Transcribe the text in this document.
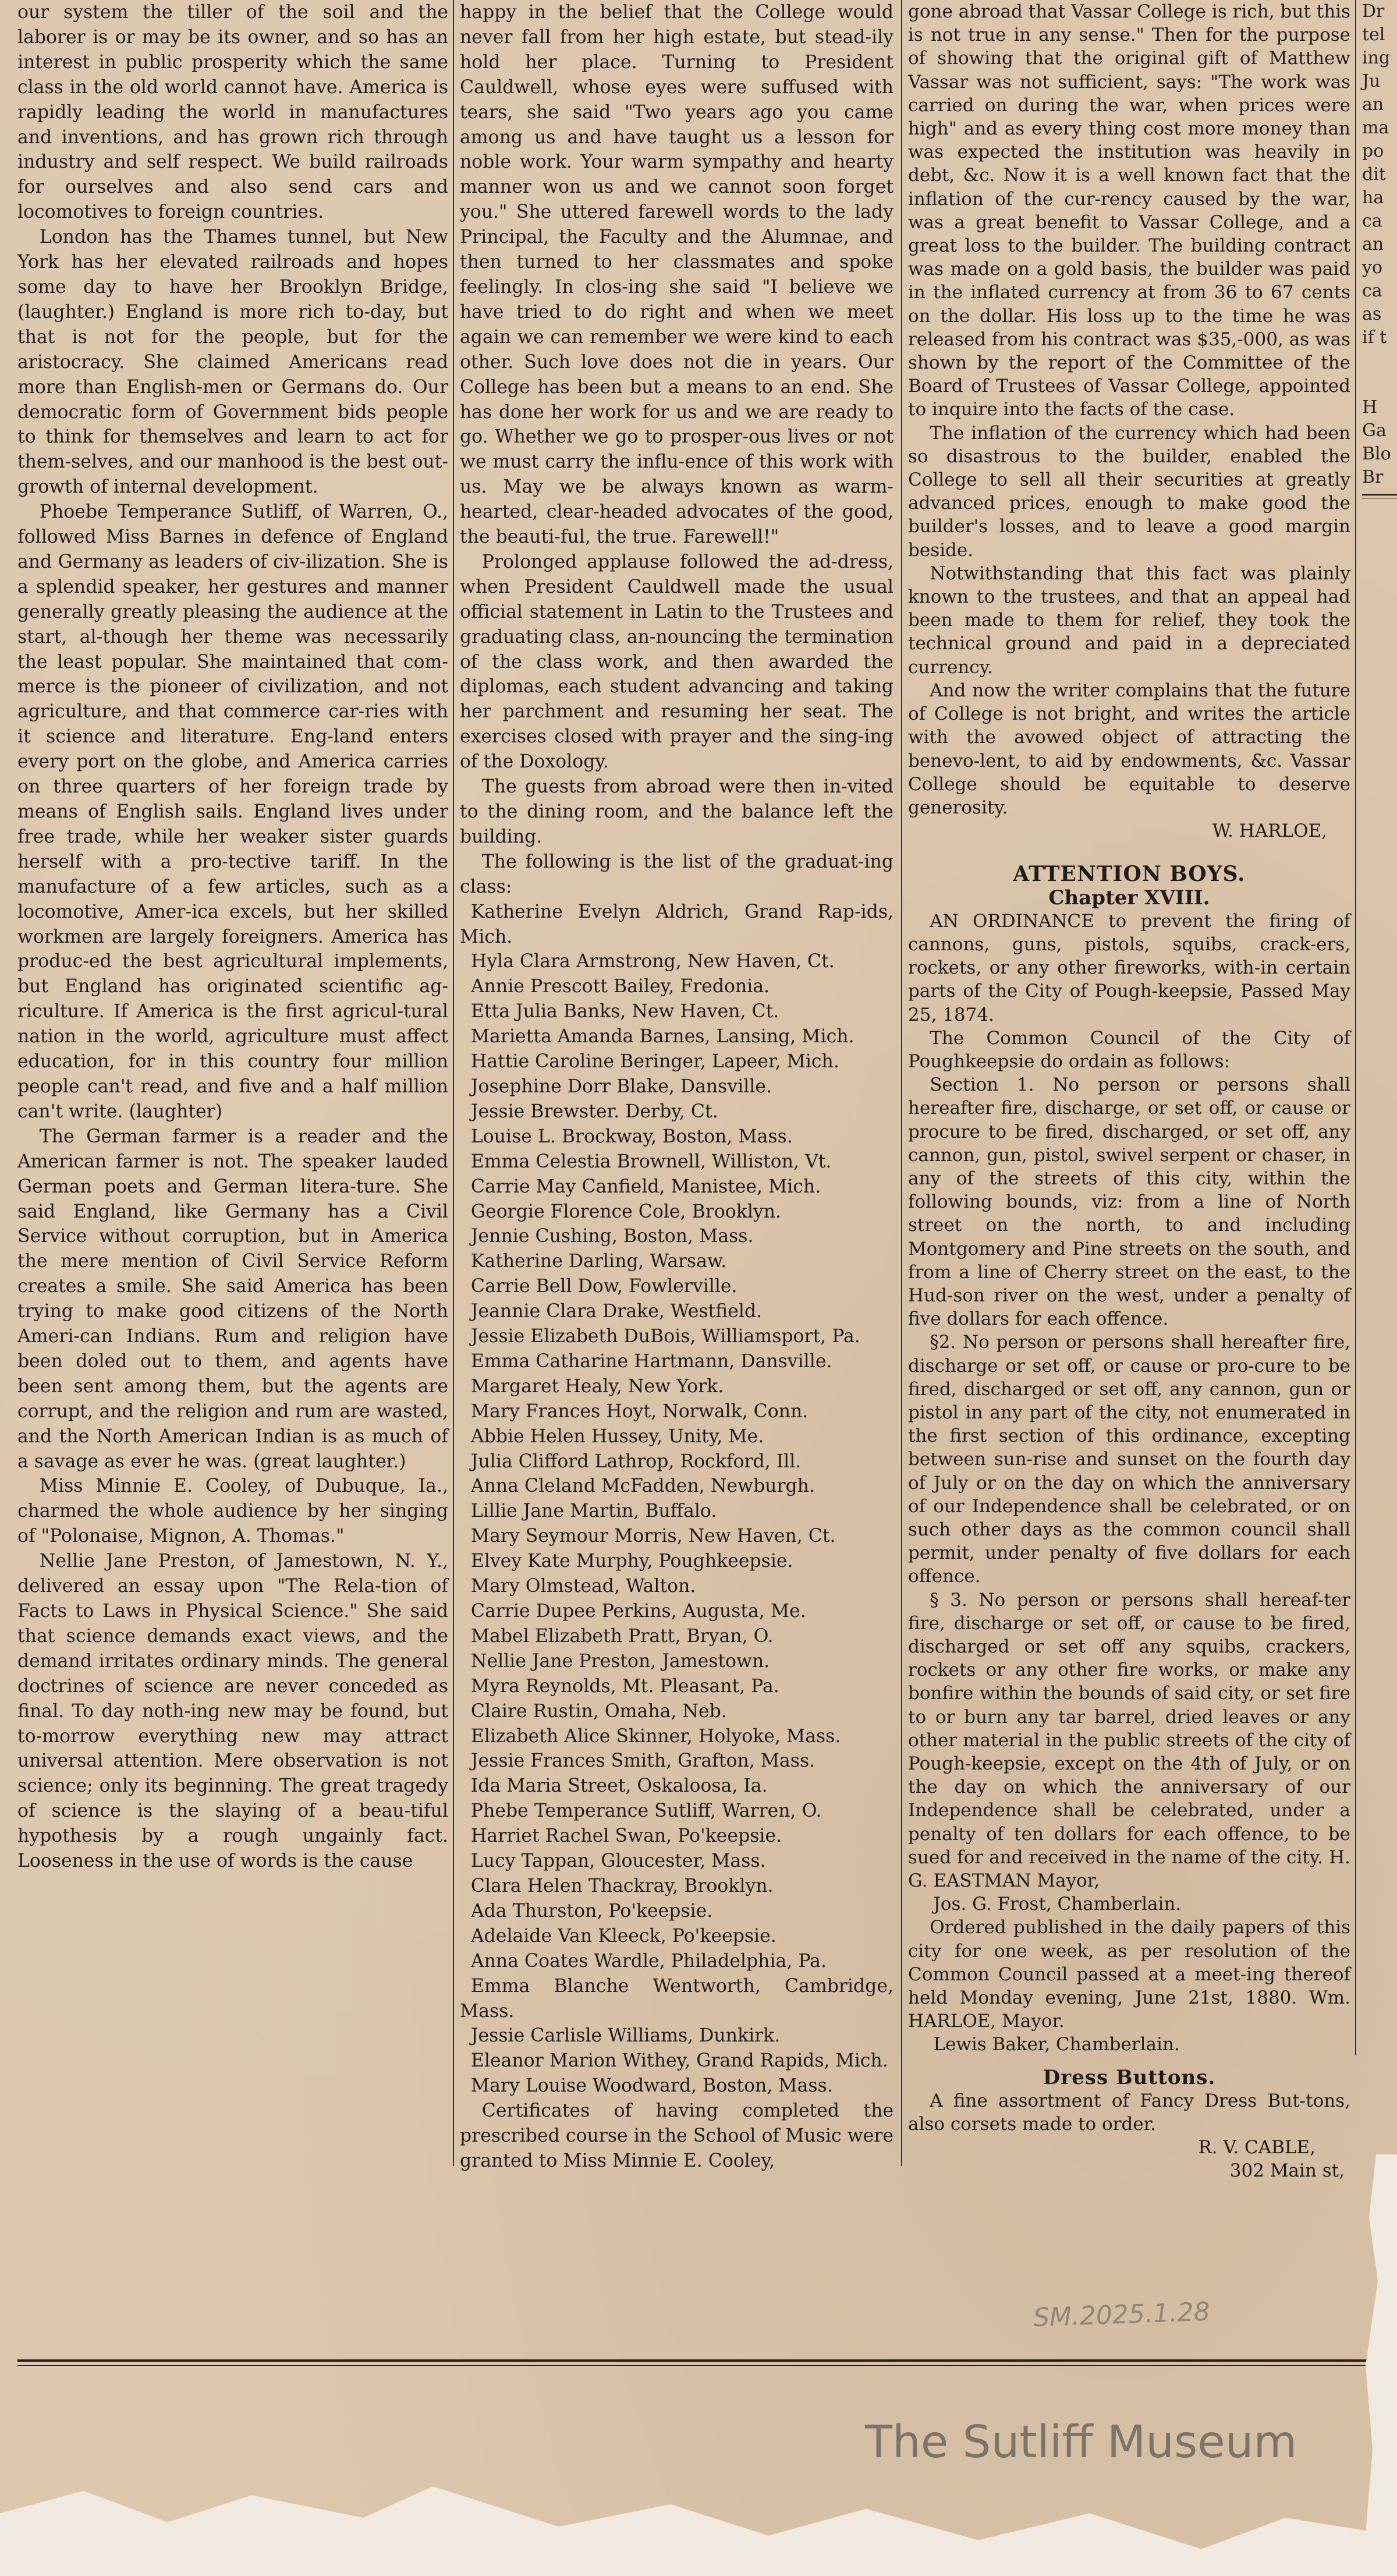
our system the tiller of the soil and the laborer is or may be its owner, and so has an interest in public prosperity which the same class in the old world cannot have. America is rapidly leading the world in manufactures and inventions, and has grown rich through industry and self respect. We build railroads for ourselves and also send cars and locomotives to foreign countries.

London has the Thames tunnel, but New York has her elevated railroads and hopes some day to have her Brooklyn Bridge, (laughter.) England is more rich to-day, but that is not for the people, but for the aristocracy. She claimed Americans read more than English-men or Germans do. Our democratic form of Government bids people to think for themselves and learn to act for them-selves, and our manhood is the best out-growth of internal development.

Phoebe Temperance Sutliff, of Warren, O., followed Miss Barnes in defence of England and Germany as leaders of civ-ilization. She is a splendid speaker, her gestures and manner generally greatly pleasing the audience at the start, al-though her theme was necessarily the least popular. She maintained that com-merce is the pioneer of civilization, and not agriculture, and that commerce car-ries with it science and literature. Eng-land enters every port on the globe, and America carries on three quarters of her foreign trade by means of English sails. England lives under free trade, while her weaker sister guards herself with a pro-tective tariff. In the manufacture of a few articles, such as a locomotive, Amer-ica excels, but her skilled workmen are largely foreigners. America has produc-ed the best agricultural implements, but England has originated scientific ag-riculture. If America is the first agricul-tural nation in the world, agriculture must affect education, for in this country four million people can't read, and five and a half million can't write. (laughter)

The German farmer is a reader and the American farmer is not. The speaker lauded German poets and German litera-ture. She said England, like Germany has a Civil Service without corruption, but in America the mere mention of Civil Service Reform creates a smile. She said America has been trying to make good citizens of the North Ameri-can Indians. Rum and religion have been doled out to them, and agents have been sent among them, but the agents are corrupt, and the religion and rum are wasted, and the North American Indian is as much of a savage as ever he was. (great laughter.)

Miss Minnie E. Cooley, of Dubuque, Ia., charmed the whole audience by her singing of "Polonaise, Mignon, A. Thomas."

Nellie Jane Preston, of Jamestown, N. Y., delivered an essay upon "The Rela-tion of Facts to Laws in Physical Science." She said that science demands exact views, and the demand irritates ordinary minds. The general doctrines of science are never conceded as final. To day noth-ing new may be found, but to-morrow everything new may attract universal attention. Mere observation is not science; only its beginning. The great tragedy of science is the slaying of a beau-tiful hypothesis by a rough ungainly fact. Looseness in the use of words is the cause

happy in the belief that the College would never fall from her high estate, but stead-ily hold her place. Turning to President Cauldwell, whose eyes were suffused with tears, she said "Two years ago you came among us and have taught us a lesson for noble work. Your warm sympathy and hearty manner won us and we cannot soon forget you." She uttered farewell words to the lady Principal, the Faculty and the Alumnae, and then turned to her classmates and spoke feelingly. In clos-ing she said "I believe we have tried to do right and when we meet again we can remember we were kind to each other. Such love does not die in years. Our College has been but a means to an end. She has done her work for us and we are ready to go. Whether we go to prosper-ous lives or not we must carry the influ-ence of this work with us. May we be always known as warm-hearted, clear-headed advocates of the good, the beauti-ful, the true. Farewell!"

Prolonged applause followed the ad-dress, when President Cauldwell made the usual official statement in Latin to the Trustees and graduating class, an-nouncing the termination of the class work, and then awarded the diplomas, each student advancing and taking her parchment and resuming her seat. The exercises closed with prayer and the sing-ing of the Doxology.

The guests from abroad were then in-vited to the dining room, and the balance left the building.

The following is the list of the graduat-ing class:

Katherine Evelyn Aldrich, Grand Rap-ids, Mich.

Hyla Clara Armstrong, New Haven, Ct.

Annie Prescott Bailey, Fredonia.

Etta Julia Banks, New Haven, Ct.

Marietta Amanda Barnes, Lansing, Mich.

Hattie Caroline Beringer, Lapeer, Mich.

Josephine Dorr Blake, Dansville.

Jessie Brewster. Derby, Ct.

Louise L. Brockway, Boston, Mass.

Emma Celestia Brownell, Williston, Vt.

Carrie May Canfield, Manistee, Mich.

Georgie Florence Cole, Brooklyn.

Jennie Cushing, Boston, Mass.

Katherine Darling, Warsaw.

Carrie Bell Dow, Fowlerville.

Jeannie Clara Drake, Westfield.

Jessie Elizabeth DuBois, Williamsport, Pa.

Emma Catharine Hartmann, Dansville.

Margaret Healy, New York.

Mary Frances Hoyt, Norwalk, Conn.

Abbie Helen Hussey, Unity, Me.

Julia Clifford Lathrop, Rockford, Ill.

Anna Cleland McFadden, Newburgh.

Lillie Jane Martin, Buffalo.

Mary Seymour Morris, New Haven, Ct.

Elvey Kate Murphy, Poughkeepsie.

Mary Olmstead, Walton.

Carrie Dupee Perkins, Augusta, Me.

Mabel Elizabeth Pratt, Bryan, O.

Nellie Jane Preston, Jamestown.

Myra Reynolds, Mt. Pleasant, Pa.

Claire Rustin, Omaha, Neb.

Elizabeth Alice Skinner, Holyoke, Mass.

Jessie Frances Smith, Grafton, Mass.

Ida Maria Street, Oskaloosa, Ia.

Phebe Temperance Sutliff, Warren, O.

Harriet Rachel Swan, Po'keepsie.

Lucy Tappan, Gloucester, Mass.

Clara Helen Thackray, Brooklyn.

Ada Thurston, Po'keepsie.

Adelaide Van Kleeck, Po'keepsie.

Anna Coates Wardle, Philadelphia, Pa.

Emma Blanche Wentworth, Cambridge, Mass.

Jessie Carlisle Williams, Dunkirk.

Eleanor Marion Withey, Grand Rapids, Mich.

Mary Louise Woodward, Boston, Mass.

Certificates of having completed the prescribed course in the School of Music were granted to Miss Minnie E. Cooley,

gone abroad that Vassar College is rich, but this is not true in any sense." Then for the purpose of showing that the original gift of Matthew Vassar was not sufficient, says: "The work was carried on during the war, when prices were high" and as every thing cost more money than was expected the institution was heavily in debt, &c. Now it is a well known fact that the inflation of the cur-rency caused by the war, was a great benefit to Vassar College, and a great loss to the builder. The building contract was made on a gold basis, the builder was paid in the inflated currency at from 36 to 67 cents on the dollar. His loss up to the time he was released from his contract was $35,-000, as was shown by the report of the Committee of the Board of Trustees of Vassar College, appointed to inquire into the facts of the case.

The inflation of the currency which had been so disastrous to the builder, enabled the College to sell all their securities at greatly advanced prices, enough to make good the builder's losses, and to leave a good margin beside.

Notwithstanding that this fact was plainly known to the trustees, and that an appeal had been made to them for relief, they took the technical ground and paid in a depreciated currency.

And now the writer complains that the future of College is not bright, and writes the article with the avowed object of attracting the benevo-lent, to aid by endowments, &c. Vassar College should be equitable to deserve generosity.

W. HARLOE,

ATTENTION BOYS.

Chapter XVIII.

AN ORDINANCE to prevent the firing of cannons, guns, pistols, squibs, crack-ers, rockets, or any other fireworks, with-in certain parts of the City of Pough-keepsie, Passed May 25, 1874.

The Common Council of the City of Poughkeepsie do ordain as follows:

Section 1. No person or persons shall hereafter fire, discharge, or set off, or cause or procure to be fired, discharged, or set off, any cannon, gun, pistol, swivel serpent or chaser, in any of the streets of this city, within the following bounds, viz: from a line of North street on the north, to and including Montgomery and Pine streets on the south, and from a line of Cherry street on the east, to the Hud-son river on the west, under a penalty of five dollars for each offence.

§2. No person or persons shall hereafter fire, discharge or set off, or cause or pro-cure to be fired, discharged or set off, any cannon, gun or pistol in any part of the city, not enumerated in the first section of this ordinance, excepting between sun-rise and sunset on the fourth day of July or on the day on which the anniversary of our Independence shall be celebrated, or on such other days as the common council shall permit, under penalty of five dollars for each offence.

§ 3. No person or persons shall hereaf-ter fire, discharge or set off, or cause to be fired, discharged or set off any squibs, crackers, rockets or any other fire works, or make any bonfire within the bounds of said city, or set fire to or burn any tar barrel, dried leaves or any other material in the public streets of the city of Pough-keepsie, except on the 4th of July, or on the day on which the anniversary of our Independence shall be celebrated, under a penalty of ten dollars for each offence, to be sued for and received in the name of the city. H. G. EASTMAN Mayor,

Jos. G. Frost, Chamberlain.

Ordered published in the daily papers of this city for one week, as per resolution of the Common Council passed at a meet-ing thereof held Monday evening, June 21st, 1880. Wm. HARLOE, Mayor.

Lewis Baker, Chamberlain.

Dress Buttons.

A fine assortment of Fancy Dress But-tons, also corsets made to order.

R. V. CABLE,

302 Main st,

Dr

tel

ing

Ju

an

ma

po

dit

ha

ca

an

yo

ca

as

if t

H

Ga

Blo

Br

SM.2025.1.28
The Sutliff Museum
